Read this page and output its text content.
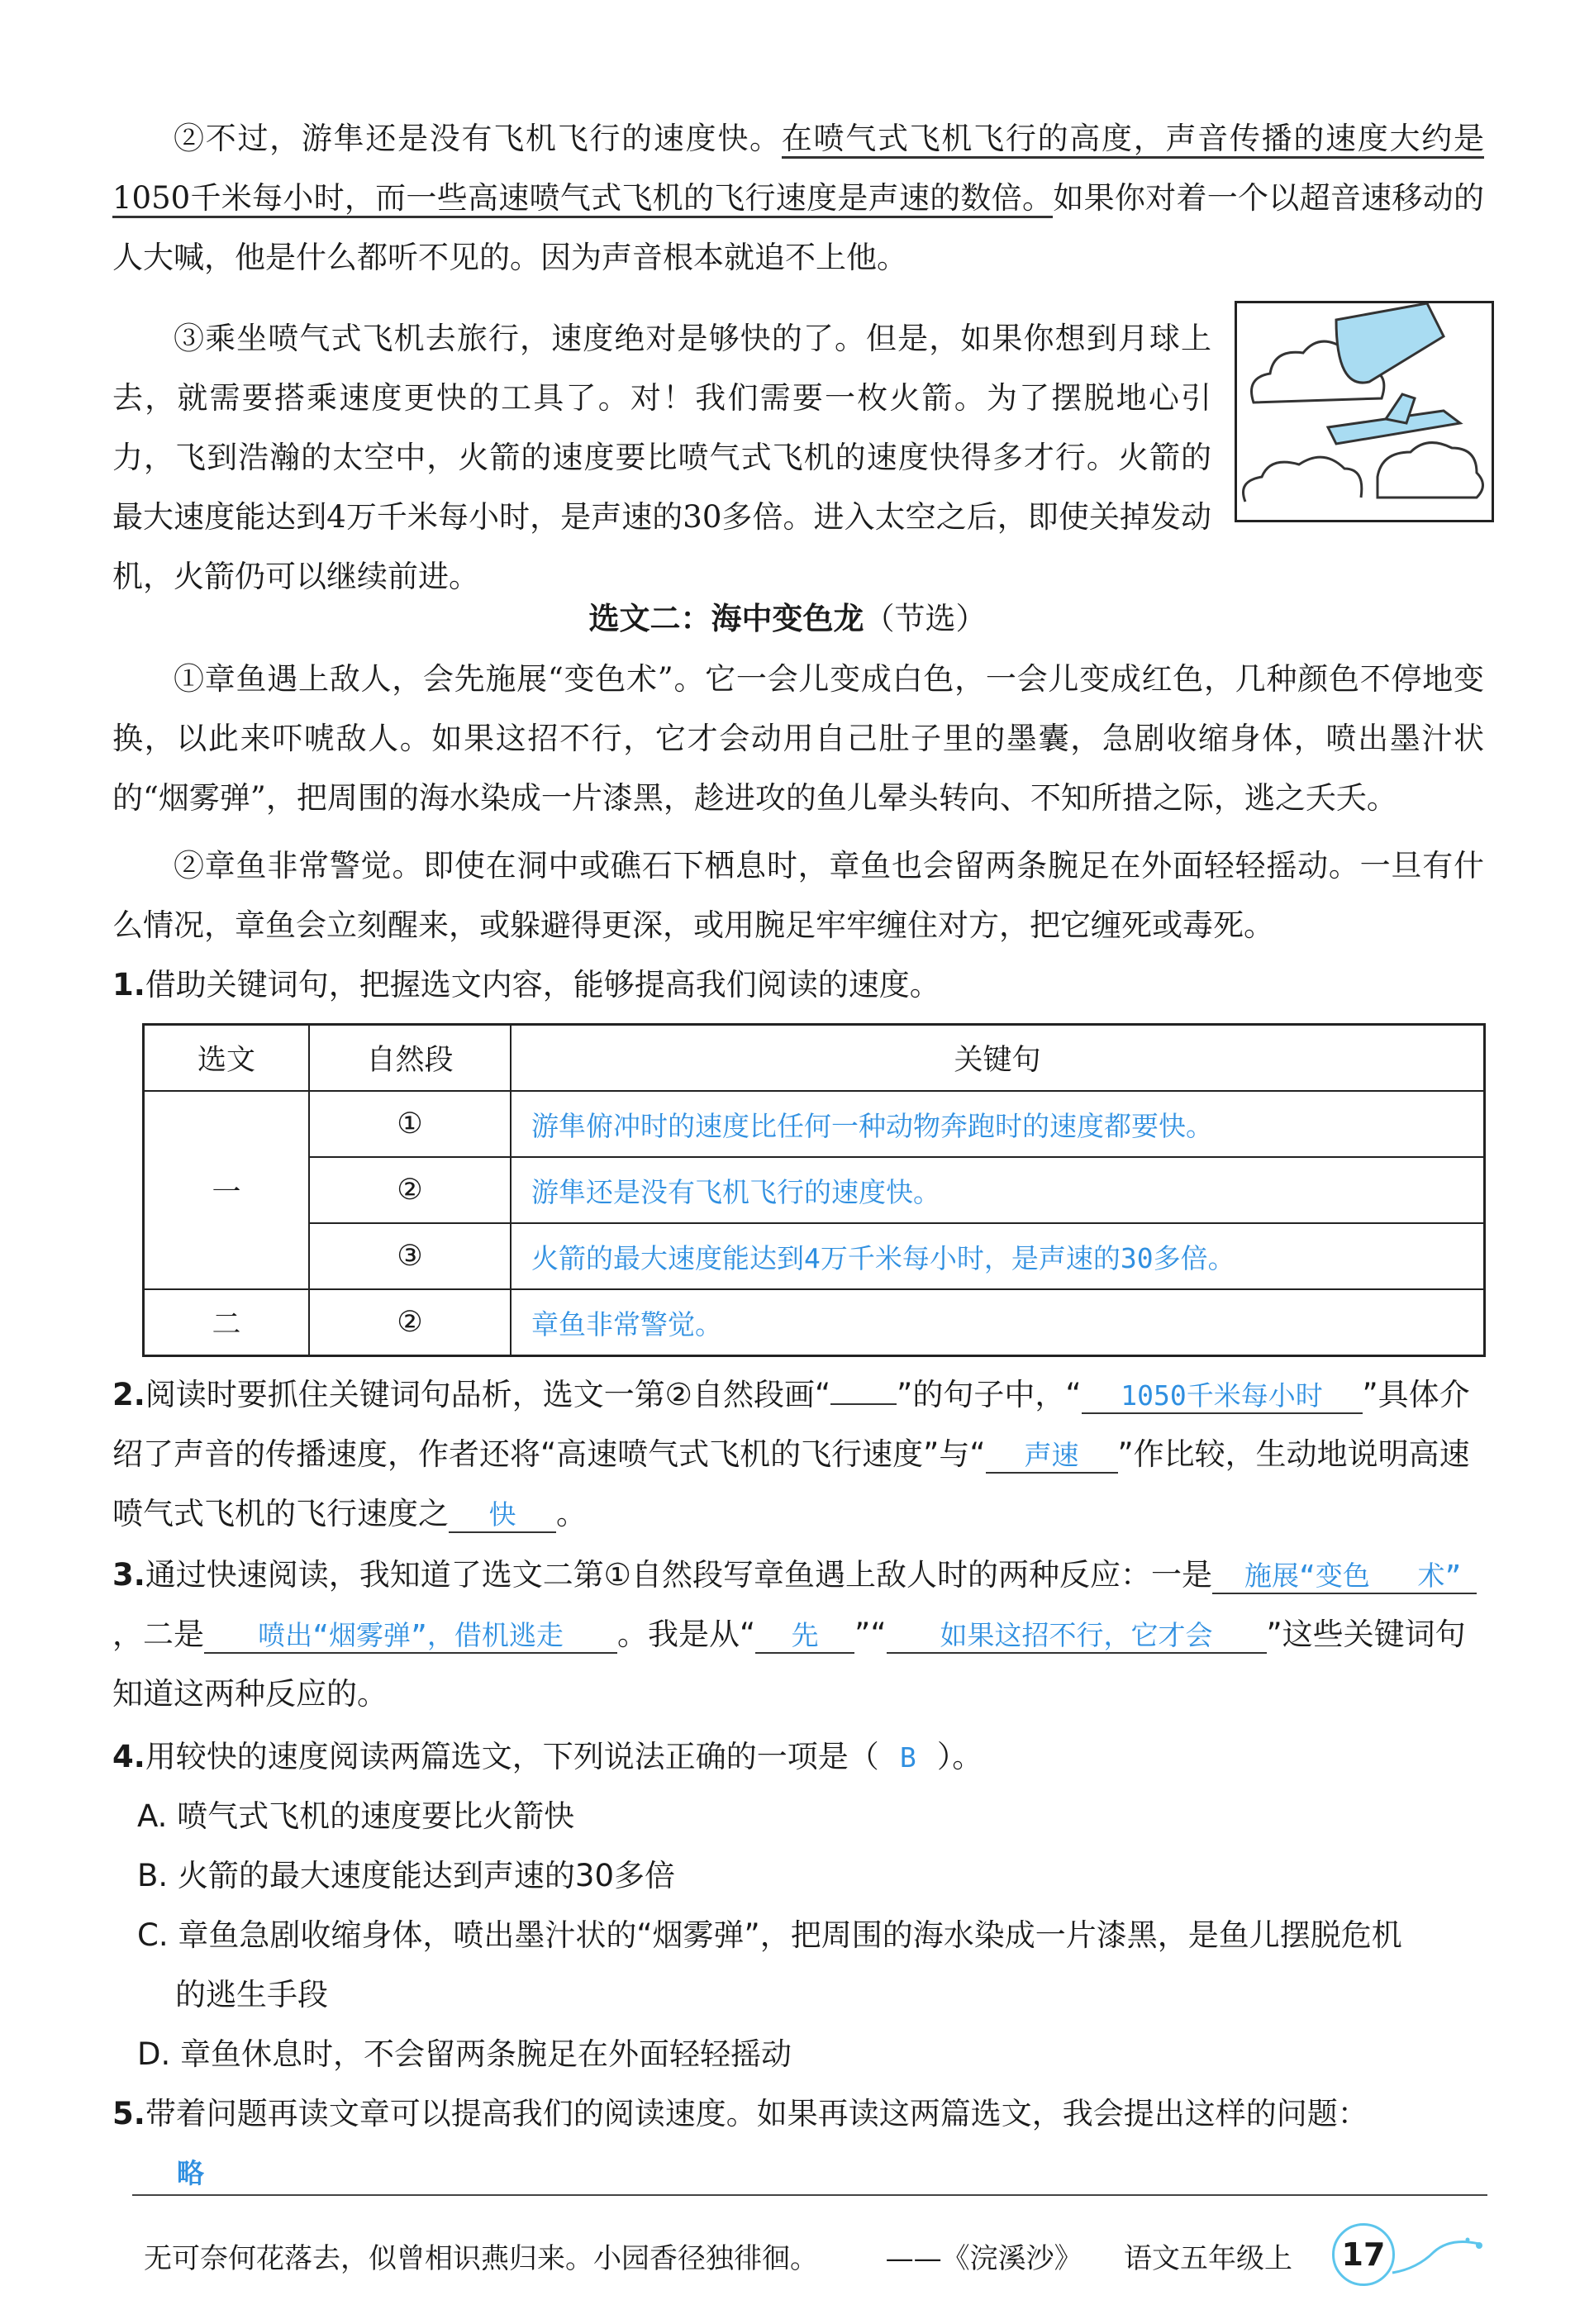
②不过，游隼还是没有飞机飞行的速度快。在喷气式飞机飞行的高度，声音传播的速度大约是1050千米每小时，而一些高速喷气式飞机的飞行速度是声速的数倍。如果你对着一个以超音速移动的人大喊，他是什么都听不见的。因为声音根本就追不上他。
③乘坐喷气式飞机去旅行，速度绝对是够快的了。但是，如果你想到月球上去，就需要搭乘速度更快的工具了。对！我们需要一枚火箭。为了摆脱地心引力，飞到浩瀚的太空中，火箭的速度要比喷气式飞机的速度快得多才行。火箭的最大速度能达到4万千米每小时，是声速的30多倍。进入太空之后，即使关掉发动机，火箭仍可以继续前进。
选文二：海中变色龙（节选）
①章鱼遇上敌人，会先施展“变色术”。它一会儿变成白色，一会儿变成红色，几种颜色不停地变换，以此来吓唬敌人。如果这招不行，它才会动用自己肚子里的墨囊，急剧收缩身体，喷出墨汁状的“烟雾弹”，把周围的海水染成一片漆黑，趁进攻的鱼儿晕头转向、不知所措之际，逃之夭夭。
②章鱼非常警觉。即使在洞中或礁石下栖息时，章鱼也会留两条腕足在外面轻轻摇动。一旦有什么情况，章鱼会立刻醒来，或躲避得更深，或用腕足牢牢缠住对方，把它缠死或毒死。
1.借助关键词句，把握选文内容，能够提高我们阅读的速度。
选文	自然段	关键句
一	①	游隼俯冲时的速度比任何一种动物奔跑时的速度都要快。
	②	游隼还是没有飞机飞行的速度快。
	③	火箭的最大速度能达到4万千米每小时，是声速的30多倍。
二	②	章鱼非常警觉。
2.阅读时要抓住关键词句品析，选文一第②自然段画“ ”的句子中，“ 1050千米每小时 ”具体介绍了声音的传播速度，作者还将“高速喷气式飞机的飞行速度”与“ 声速 ”作比较，生动地说明高速喷气式飞机的飞行速度之 快 。
3.通过快速阅读，我知道了选文二第①自然段写章鱼遇上敌人时的两种反应：一是 施展“变色 术”，二是 喷出“烟雾弹”，借机逃走 。我是从“ 先 ”“ 如果这招不行，它才会 ”这些关键词句知道这两种反应的。
4.用较快的速度阅读两篇选文，下列说法正确的一项是（ B ）。
A. 喷气式飞机的速度要比火箭快
B. 火箭的最大速度能达到声速的30多倍
C. 章鱼急剧收缩身体，喷出墨汁状的“烟雾弹”，把周围的海水染成一片漆黑，是鱼儿摆脱危机
的逃生手段
D. 章鱼休息时，不会留两条腕足在外面轻轻摇动
5.带着问题再读文章可以提高我们的阅读速度。如果再读这两篇选文，我会提出这样的问题：
略
无可奈何花落去，似曾相识燕归来。小园香径独徘徊。 ——《浣溪沙》 语文五年级上	17
